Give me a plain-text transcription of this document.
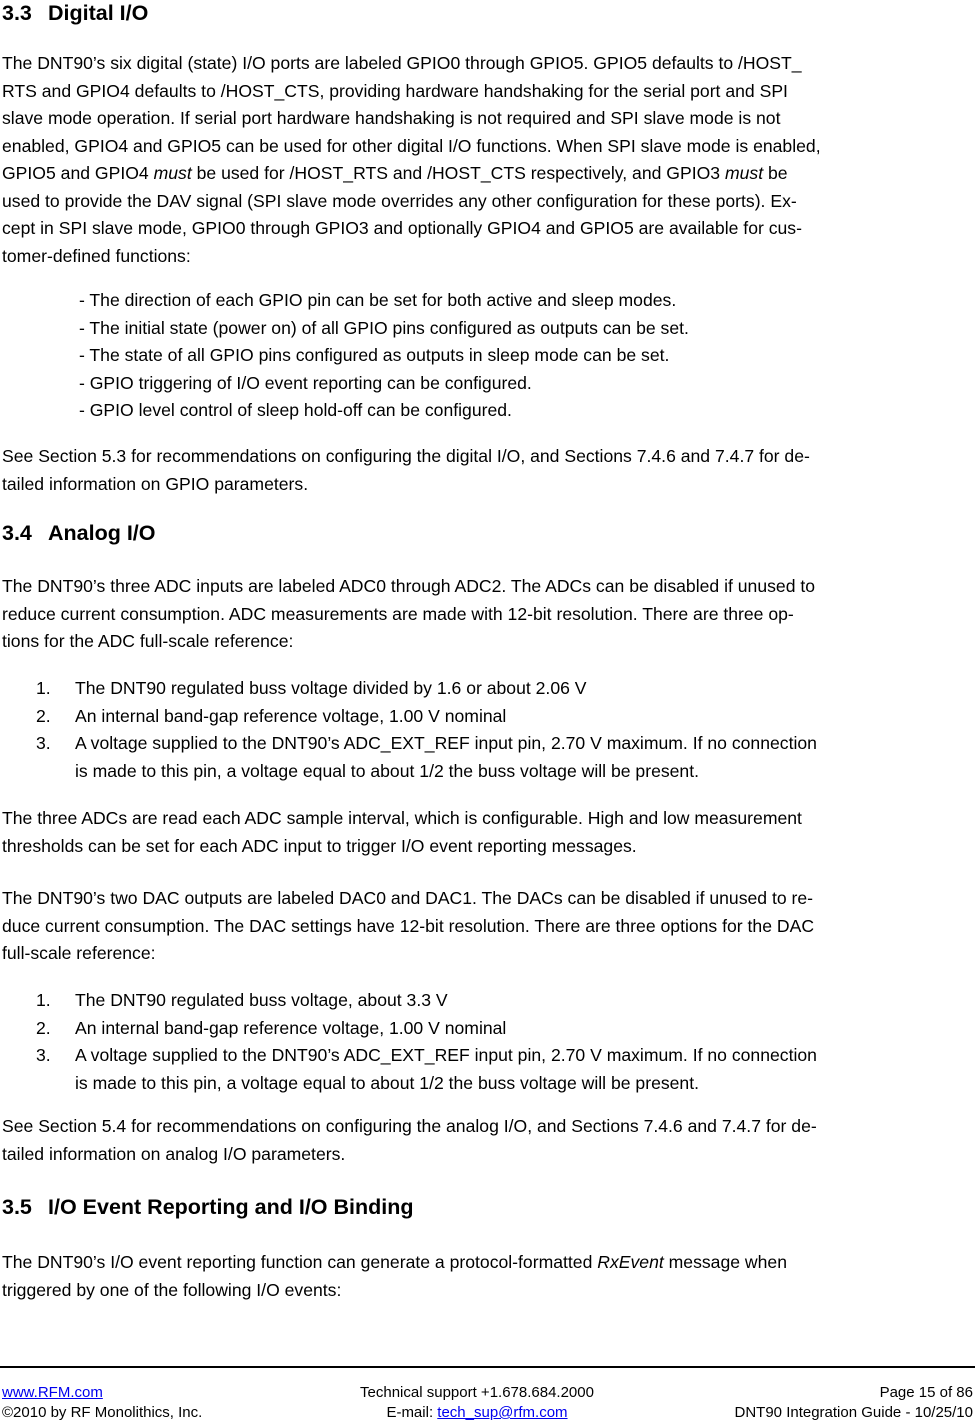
3.3 Digital I/O
The DNT90’s six digital (state) I/O ports are labeled GPIO0 through GPIO5. GPIO5 defaults to /HOST_
RTS and GPIO4 defaults to /HOST_CTS, providing hardware handshaking for the serial port and SPI
slave mode operation. If serial port hardware handshaking is not required and SPI slave mode is not
enabled, GPIO4 and GPIO5 can be used for other digital I/O functions. When SPI slave mode is enabled,
GPIO5 and GPIO4 must be used for /HOST_RTS and /HOST_CTS respectively, and GPIO3 must be
used to provide the DAV signal (SPI slave mode overrides any other configuration for these ports). Ex-
cept in SPI slave mode, GPIO0 through GPIO3 and optionally GPIO4 and GPIO5 are available for cus-
tomer-defined functions:
- The direction of each GPIO pin can be set for both active and sleep modes.
- The initial state (power on) of all GPIO pins configured as outputs can be set.
- The state of all GPIO pins configured as outputs in sleep mode can be set.
- GPIO triggering of I/O event reporting can be configured.
- GPIO level control of sleep hold-off can be configured.
See Section 5.3 for recommendations on configuring the digital I/O, and Sections 7.4.6 and 7.4.7 for de-
tailed information on GPIO parameters.
3.4 Analog I/O
The DNT90’s three ADC inputs are labeled ADC0 through ADC2. The ADCs can be disabled if unused to
reduce current consumption. ADC measurements are made with 12-bit resolution. There are three op-
tions for the ADC full-scale reference:
1. The DNT90 regulated buss voltage divided by 1.6 or about 2.06 V
2. An internal band-gap reference voltage, 1.00 V nominal
3. A voltage supplied to the DNT90’s ADC_EXT_REF input pin, 2.70 V maximum. If no connection
is made to this pin, a voltage equal to about 1/2 the buss voltage will be present.
The three ADCs are read each ADC sample interval, which is configurable. High and low measurement
thresholds can be set for each ADC input to trigger I/O event reporting messages.
The DNT90’s two DAC outputs are labeled DAC0 and DAC1. The DACs can be disabled if unused to re-
duce current consumption. The DAC settings have 12-bit resolution. There are three options for the DAC
full-scale reference:
1. The DNT90 regulated buss voltage, about 3.3 V
2. An internal band-gap reference voltage, 1.00 V nominal
3. A voltage supplied to the DNT90’s ADC_EXT_REF input pin, 2.70 V maximum. If no connection
is made to this pin, a voltage equal to about 1/2 the buss voltage will be present.
See Section 5.4 for recommendations on configuring the analog I/O, and Sections 7.4.6 and 7.4.7 for de-
tailed information on analog I/O parameters.
3.5 I/O Event Reporting and I/O Binding
The DNT90’s I/O event reporting function can generate a protocol-formatted RxEvent message when
triggered by one of the following I/O events:
www.RFM.com
©2010 by RF Monolithics, Inc.
Technical support +1.678.684.2000
E-mail: tech_sup@rfm.com
Page 15 of 86
DNT90 Integration Guide - 10/25/10
